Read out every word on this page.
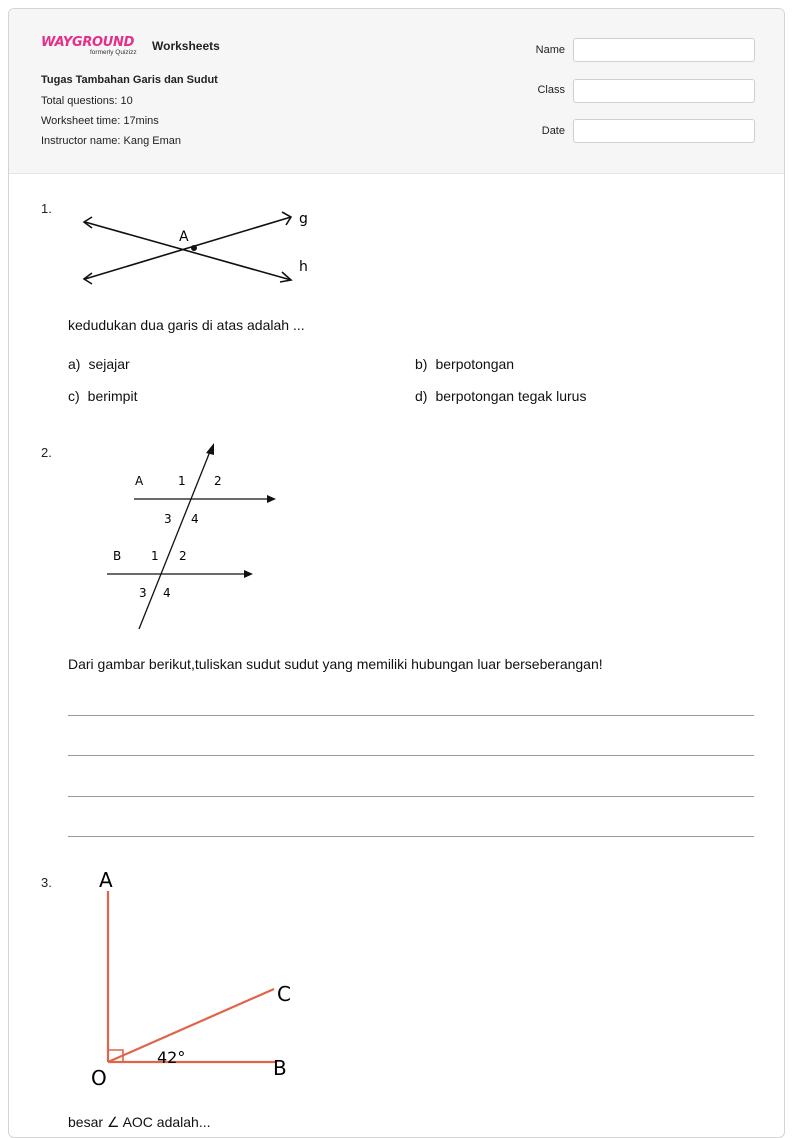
WAYGROUND
formerly Quizizz Worksheets
Tugas Tambahan Garis dan Sudut
Total questions: 10
Worksheet time: 17mins
Instructor name: Kang Eman
Name
Class
Date
1.
A
g
h
kedudukan dua garis di atas adalah ...
a) sejajar	b) berpotongan
c) berimpit	d) berpotongan tegak lurus
2.
A	1 2
3 4
B 1 2
3 4
Dari gambar berikut,tuliskan sudut sudut yang memiliki hubungan luar berseberangan!
3. A
C
O	B
42°
besar ∠ AOC adalah...
